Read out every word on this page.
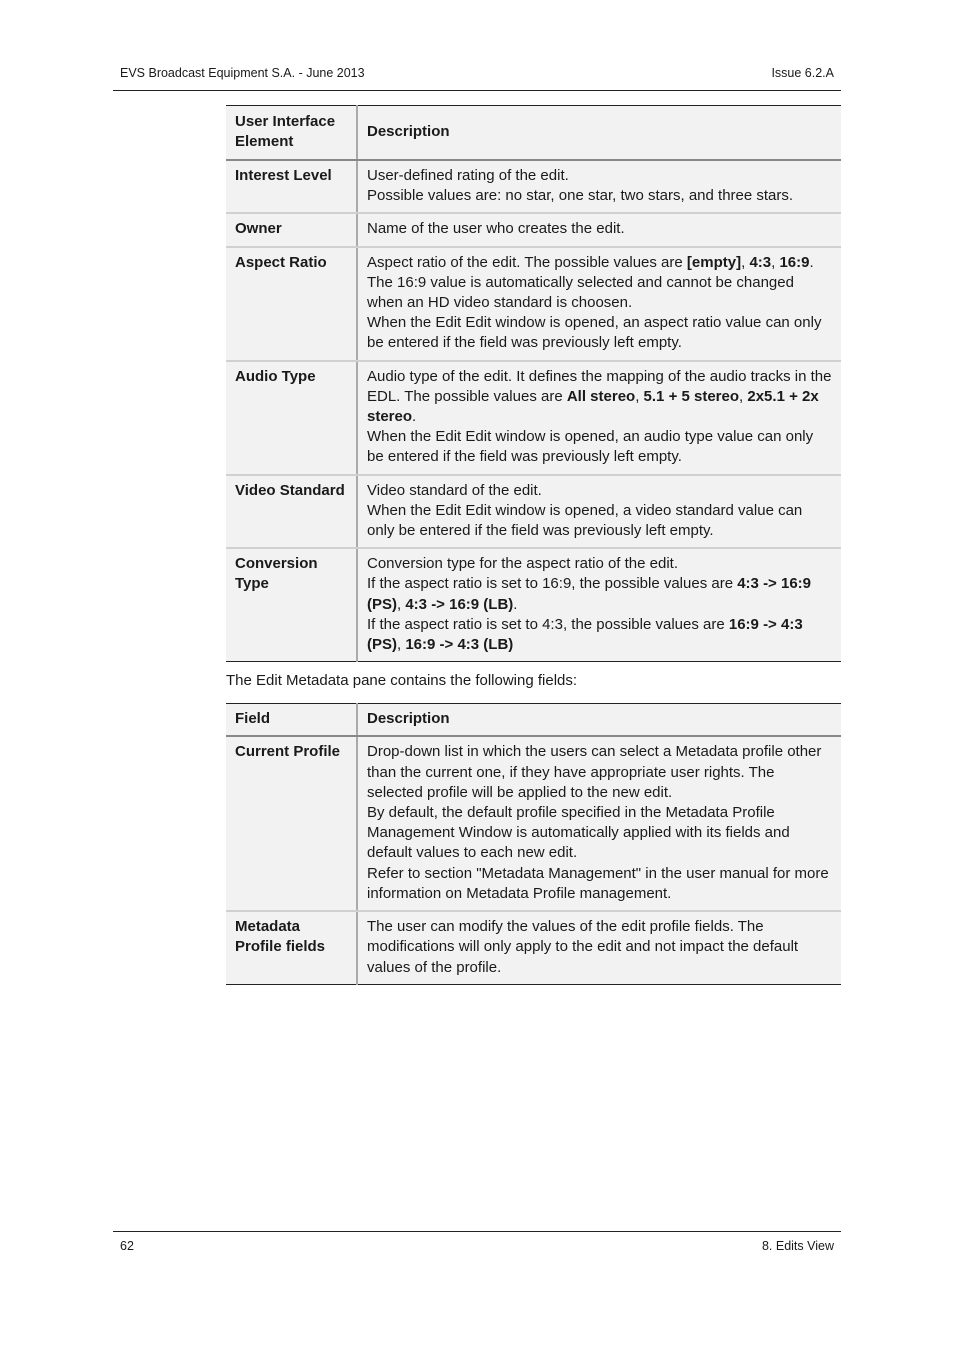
EVS Broadcast Equipment S.A. - June 2013	Issue 6.2.A
User Interface Element	Description
Interest Level	User-defined rating of the edit.
Possible values are: no star, one star, two stars, and three stars.

Owner	Name of the user who creates the edit.

Aspect Ratio	Aspect ratio of the edit. The possible values are [empty], 4:3, 16:9. The 16:9 value is automatically selected and cannot be changed when an HD video standard is choosen.
When the Edit Edit window is opened, an aspect ratio value can only be entered if the field was previously left empty.

Audio Type	Audio type of the edit. It defines the mapping of the audio tracks in the EDL. The possible values are All stereo, 5.1 + 5 stereo, 2x5.1 + 2x stereo.
When the Edit Edit window is opened, an audio type value can only be entered if the field was previously left empty.

Video Standard	Video standard of the edit.
When the Edit Edit window is opened, a video standard value can only be entered if the field was previously left empty.

Conversion Type	Conversion type for the aspect ratio of the edit.
If the aspect ratio is set to 16:9, the possible values are 4:3 -> 16:9 (PS), 4:3 -> 16:9 (LB).
If the aspect ratio is set to 4:3, the possible values are 16:9 -> 4:3 (PS), 16:9 -> 4:3 (LB)
The Edit Metadata pane contains the following fields:
Field	Description
Current Profile	Drop-down list in which the users can select a Metadata profile other than the current one, if they have appropriate user rights. The selected profile will be applied to the new edit.
By default, the default profile specified in the Metadata Profile Management Window is automatically applied with its fields and default values to each new edit.
Refer to section "Metadata Management" in the user manual for more information on Metadata Profile management.

Metadata Profile fields	The user can modify the values of the edit profile fields. The modifications will only apply to the edit and not impact the default values of the profile.
62	8. Edits View
